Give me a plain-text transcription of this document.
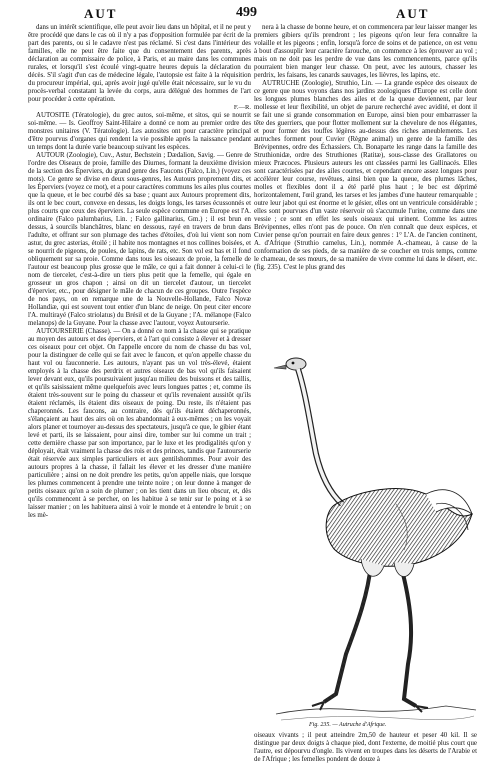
AUT	499	AUT

dans un intérêt scientifique, elle peut avoir lieu dans un hôpital, et il ne peut y être procédé que dans le cas où il n'y a pas d'opposition formulée par écrit de la part des parents, ou si le cadavre n'est pas réclamé. Si c'est dans l'intérieur des familles, elle ne peut être faite que du consentement des parents, après déclaration au commissaire de police, à Paris, et au maire dans les communes rurales, et lorsqu'il s'est écoulé vingt-quatre heures depuis la déclaration du décès. S'il s'agit d'un cas de médecine légale, l'autopsie est faite à la réquisition du procureur impérial, qui, après avoir jugé qu'elle était nécessaire, sur le vu du procès-verbal constatant la levée du corps, aura délégué des hommes de l'art pour procéder à cette opération.

F.—R.

AUTOSITE (Tératologie), du grec autos, soi-même, et sitos, qui se nourrit soi-même. — Is. Geoffroy Saint-Hilaire a donné ce nom au premier ordre des monstres unitaires (V. Tératologie). Les autosites ont pour caractère principal d'être pourvus d'organes qui rendent la vie possible après la naissance pendant un temps dont la durée varie beaucoup suivant les espèces.

AUTOUR (Zoologie), Cuv., Astur, Bechstein ; Dædalion, Savig. — Genre de l'ordre des Oiseaux de proie, famille des Diurnes, formant la deuxième division de la section des Éperviers, du grand genre des Faucons (Falco, Lin.) (voyez ces mots). Ce genre se divise en deux sous-genres, les Autours proprement dits, et les Éperviers (voyez ce mot), et a pour caractères communs les ailes plus courtes que la queue, et le bec courbé dès sa base ; quant aux Autours proprement dits, ils ont le bec court, convexe en dessus, les doigts longs, les tarses écussonnés et plus courts que ceux des éperviers. La seule espèce commune en Europe est l'A. ordinaire (Falco palumbarius, Lin. ; Falco gallinarius, Gm.) ; il est brun en dessus, à sourcils blanchâtres, blanc en dessous, rayé en travers de brun dans l'adulte, et offrant sur son plumage des taches d'étoiles, d'où lui vient son nom astur, du grec asterias, étoilé ; il habite nos montagnes et nos collines boisées, et se nourrit de pigeons, de poules, de lapins, de rats, etc. Son vol est bas et il fond obliquement sur sa proie. Comme dans tous les oiseaux de proie, la femelle de l'autour est beaucoup plus grosse que le mâle, ce qui a fait donner à celui-ci le nom de tiercelet, c'est-à-dire un tiers plus petit que la femelle, qui égale en grosseur un gros chapon ; ainsi on dit un tiercelet d'autour, un tiercelet d'épervier, etc., pour désigner le mâle de chacun de ces groupes. Outre l'espèce de nos pays, on en remarque une de la Nouvelle-Hollande, Falco Novæ Hollandiæ, qui est souvent tout entier d'un blanc de neige. On peut citer encore l'A. multirayé (Falco striolatus) du Brésil et de la Guyane ; l'A. mélanope (Falco melanops) de la Guyane. Pour la chasse avec l'autour, voyez Autourserie.

AUTOURSERIE (Chasse). — On a donné ce nom à la chasse qui se pratique au moyen des autours et des éperviers, et à l'art qui consiste à élever et à dresser ces oiseaux pour cet objet. On l'appelle encore du nom de chasse du bas vol, pour la distinguer de celle qui se fait avec le faucon, et qu'on appelle chasse du haut vol ou fauconnerie. Les autours, n'ayant pas un vol très-élevé, étaient employés à la chasse des perdrix et autres oiseaux de bas vol qu'ils faisaient lever devant eux, qu'ils poursuivaient jusqu'au milieu des buissons et des taillis, et qu'ils saisissaient même quelquefois avec leurs longues pattes ; et, comme ils étaient très-souvent sur le poing du chasseur et qu'ils revenaient aussitôt qu'ils étaient réclamés, ils étaient dits oiseaux de poing. Du reste, ils n'étaient pas chaperonnés. Les faucons, au contraire, dès qu'ils étaient déchaperonnés, s'élançaient au haut des airs où on les abandonnait à eux-mêmes ; on les voyait alors planer et tournoyer au-dessus des spectateurs, jusqu'à ce que, le gibier étant levé et parti, ils se laissaient, pour ainsi dire, tomber sur lui comme un trait ; cette dernière chasse par son importance, par le luxe et les prodigalités qu'on y déployait, était vraiment la chasse des rois et des princes, tandis que l'autourserie était réservée aux simples particuliers et aux gentilshommes. Pour avoir des autours propres à la chasse, il fallait les élever et les dresser d'une manière particulière ; ainsi on ne doit prendre les petits, qu'on appelle niais, que lorsque les plumes commencent à prendre une teinte noire ; on leur donne à manger de petits oiseaux qu'on a soin de plumer ; on les tient dans un lieu obscur, et, dès qu'ils commencent à se percher, on les habitue à se tenir sur le poing et à se laisser manier ; on les habituera ainsi à voir le monde et à entendre le bruit ; on les mè-

nera à la chasse de bonne heure, et on commencera par leur laisser manger les premiers gibiers qu'ils prendront ; les pigeons qu'on leur fera connaître la volaille et les pigeons ; enfin, lorsqu'à force de soins et de patience, on est venu à bout d'assouplir leur caractère farouche, on commence à les éprouver au vol ; mais on ne doit pas les perdre de vue dans les commencements, parce qu'ils pourraient bien manger leur chasse. On peut, avec les autours, chasser les perdrix, les faisans, les canards sauvages, les lièvres, les lapins, etc.

AUTRUCHE (Zoologie), Struthio, Lin. — La grande espèce des oiseaux de ce genre que nous voyons dans nos jardins zoologiques d'Europe est celle dont les longues plumes blanches des ailes et de la queue deviennent, par leur mollesse et leur flexibilité, un objet de parure recherché avec avidité, et dont il se fait une si grande consommation en Europe, ainsi bien pour embarrasser la tête des guerriers, que pour flotter mollement sur la chevelure de nos élégantes, et pour former des touffes légères au-dessus des riches ameublements. Les autruches forment pour Cuvier (Règne animal) un genre de la famille des Brévipennes, ordre des Échassiers. Ch. Bonaparte les range dans la famille des Struthionidæ, ordre des Struthiones (Ratitæ), sous-classe des Grallatores ou mieux Præcoces. Plusieurs auteurs les ont classées parmi les Gallinacés. Elles sont caractérisées par des ailes courtes, et cependant encore assez longues pour accélérer leur course, revêtues, ainsi bien que la queue, des plumes lâches, molles et flexibles dont il a été parlé plus haut ; le bec est déprimé horizontalement, l'œil grand, les tarses et les jambes d'une hauteur remarquable ; outre leur jabot qui est énorme et le gésier, elles ont un ventricule considérable ; elles sont pourvues d'un vaste réservoir où s'accumule l'urine, comme dans une vessie ; ce sont en effet les seuls oiseaux qui urinent. Comme les autres Brévipennes, elles n'ont pas de pouce. On n'en connaît que deux espèces, et Cuvier pense qu'on pourrait en faire deux genres : 1° L'A. de l'ancien continent, A. d'Afrique (Struthio camelus, Lin.), nommée A.-chameau, à cause de la conformation de ses pieds, de sa manière de se coucher en trois temps, comme le chameau, de ses mœurs, de sa manière de vivre comme lui dans le désert, etc. (fig. 235). C'est le plus grand des

Fig. 235. — Autruche d'Afrique.
oiseaux vivants ; il peut atteindre 2m,50 de hauteur et peser 40 kil. Il se distingue par deux doigts à chaque pied, dont l'externe, de moitié plus court que l'autre, est dépourvu d'ongle. Ils vivent en troupes dans les déserts de l'Arabie et de l'Afrique ; les femelles pondent de douze à
